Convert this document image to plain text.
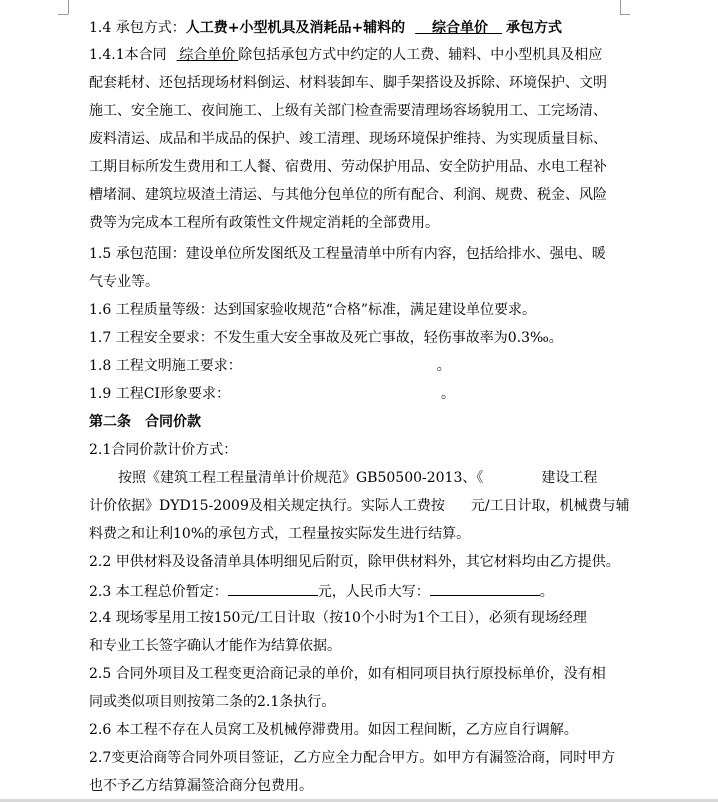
1.4 承包方式：人工费+小型机具及消耗品+辅料的   综合单价  承包方式
1.4.1本合同  综合单价  除包括承包方式中约定的人工费、辅料、中小型机具及相应
配套耗材、还包括现场材料倒运、材料装卸车、脚手架搭设及拆除、环境保护、文明
施工、安全施工、夜间施工、上级有关部门检查需要清理场容场貌用工、工完场清、
废料清运、成品和半成品的保护、竣工清理、现场环境保护维持、为实现质量目标、
工期目标所发生费用和工人餐、宿费用、劳动保护用品、安全防护用品、水电工程补
槽堵洞、建筑垃圾渣土清运、与其他分包单位的所有配合、利润、规费、税金、风险
费等为完成本工程所有政策性文件规定消耗的全部费用。
1.5 承包范围：建设单位所发图纸及工程量清单中所有内容，包括给排水、强电、暖
气专业等。
1.6 工程质量等级：达到国家验收规范“合格”标准，满足建设单位要求。
1.7 工程安全要求：不发生重大安全事故及死亡事故，轻伤事故率为0.3‰。
1.8 工程文明施工要求：	。
1.9 工程CI形象要求：	。
第二条　合同价款
2.1合同价款计价方式：
按照《建筑工程工程量清单计价规范》GB50500-2013、《	建设工程
计价依据》DYD15-2009及相关规定执行。实际人工费按 元/工日计取，机械费与辅
料费之和让利10%的承包方式，工程量按实际发生进行结算。
2.2 甲供材料及设备清单具体明细见后附页，除甲供材料外，其它材料均由乙方提供。
2.3 本工程总价暂定：	元，人民币大写：	。
2.4 现场零星用工按150元/工日计取（按10个小时为1个工日），必须有现场经理
和专业工长签字确认才能作为结算依据。
2.5 合同外项目及工程变更洽商记录的单价，如有相同项目执行原投标单价，没有相
同或类似项目则按第二条的2.1条执行。
2.6 本工程不存在人员窝工及机械停滞费用。如因工程间断，乙方应自行调解。
2.7变更洽商等合同外项目签证，乙方应全力配合甲方。如甲方有漏签洽商，同时甲方
也不予乙方结算漏签洽商分包费用。
